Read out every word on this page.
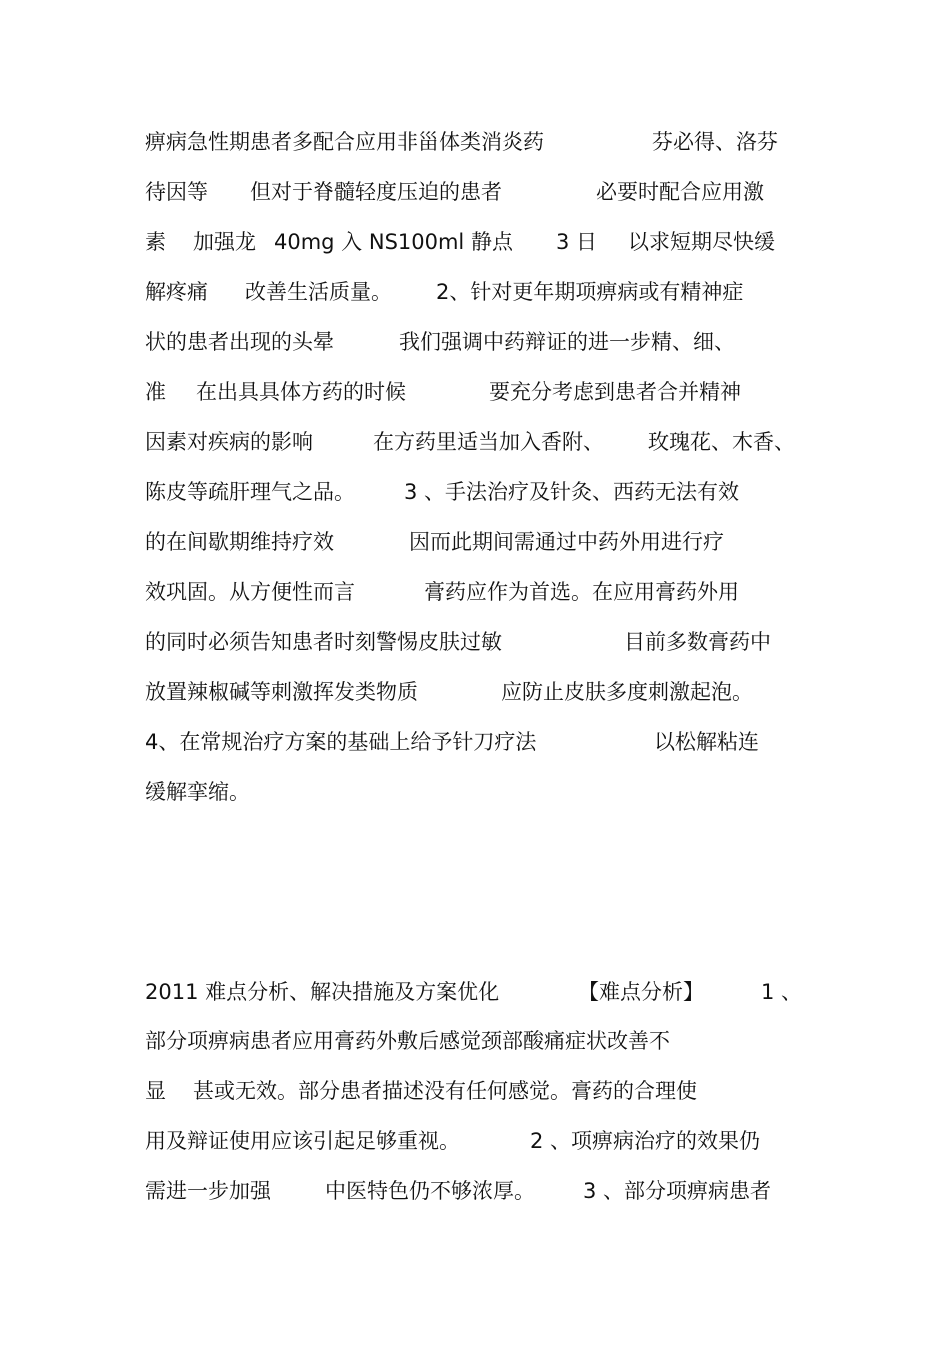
痹病急性期患者多配合应用非甾体类消炎药	芬必得、洛芬
待因等 但对于脊髓轻度压迫的患者	必要时配合应用激
素 加强龙 40mg 入 NS100ml 静点 3 日 以求短期尽快缓
解疼痛 改善生活质量。 2、针对更年期项痹病或有精神症
状的患者出现的头晕	我们强调中药辩证的进一步精、细、
准 在出具具体方药的时候	要充分考虑到患者合并精神
因素对疾病的影响	在方药里适当加入香附、 玫瑰花、木香、
陈皮等疏肝理气之品。 3 、手法治疗及针灸、西药无法有效
的在间歇期维持疗效	因而此期间需通过中药外用进行疗
效巩固。从方便性而言	膏药应作为首选。在应用膏药外用
的同时必须告知患者时刻警惕皮肤过敏	目前多数膏药中
放置辣椒碱等刺激挥发类物质	应防止皮肤多度刺激起泡。
4、在常规治疗方案的基础上给予针刀疗法	以松解粘连
缓解挛缩。
2011 难点分析、解决措施及方案优化	【难点分析】	1 、
部分项痹病患者应用膏药外敷后感觉颈部酸痛症状改善不
显 甚或无效。部分患者描述没有任何感觉。膏药的合理使
用及辩证使用应该引起足够重视。	2 、项痹病治疗的效果仍
需进一步加强	中医特色仍不够浓厚。 3 、部分项痹病患者
